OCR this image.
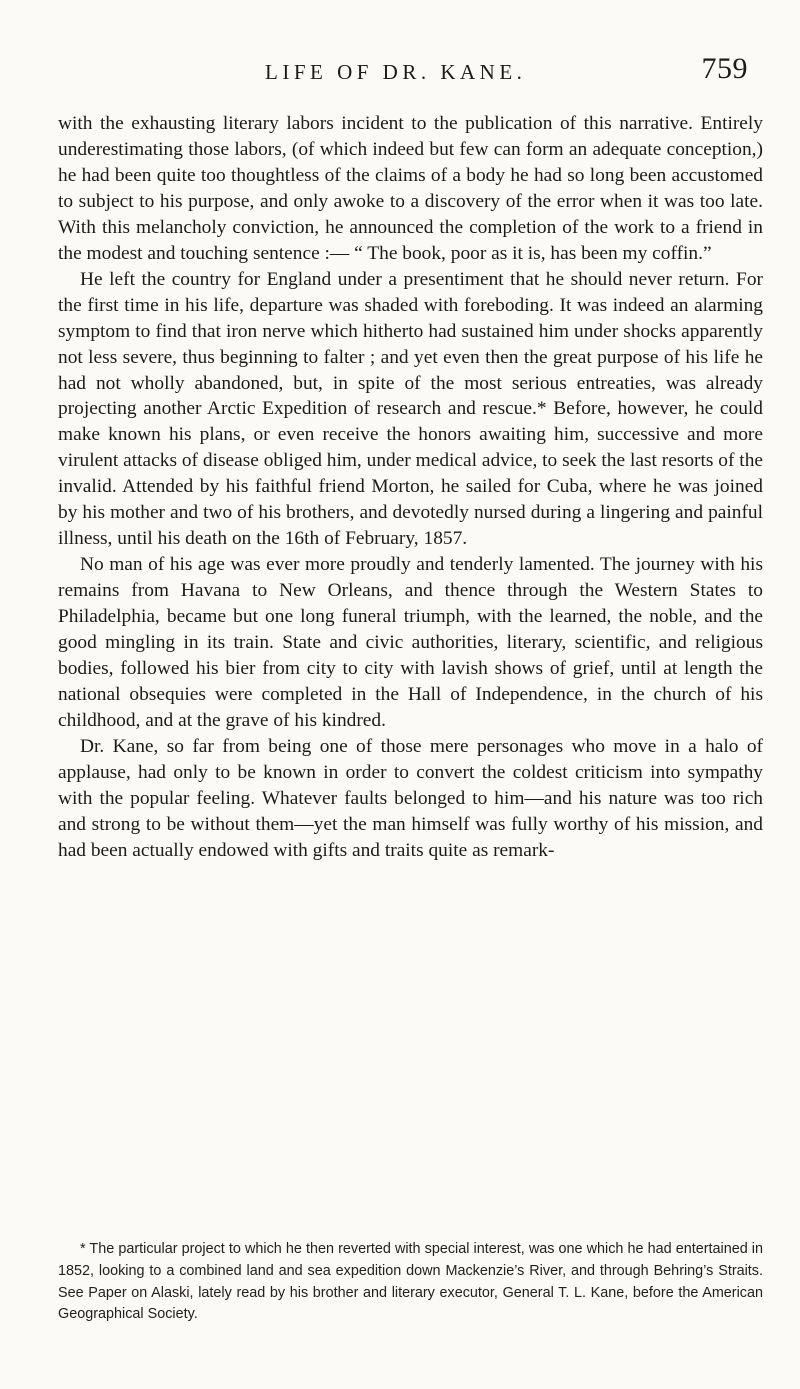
LIFE OF DR. KANE.	759

with the exhausting literary labors incident to the publication of this narrative. Entirely underestimating those labors, (of which indeed but few can form an adequate conception,) he had been quite too thoughtless of the claims of a body he had so long been accustomed to subject to his purpose, and only awoke to a discovery of the error when it was too late. With this melancholy conviction, he announced the completion of the work to a friend in the modest and touching sentence :— “ The book, poor as it is, has been my coffin.”

He left the country for England under a presentiment that he should never return. For the first time in his life, departure was shaded with foreboding. It was indeed an alarming symptom to find that iron nerve which hitherto had sustained him under shocks apparently not less severe, thus beginning to falter ; and yet even then the great purpose of his life he had not wholly abandoned, but, in spite of the most serious entreaties, was already projecting another Arctic Expedition of research and rescue.* Before, however, he could make known his plans, or even receive the honors awaiting him, successive and more virulent attacks of disease obliged him, under medical advice, to seek the last resorts of the invalid. Attended by his faithful friend Morton, he sailed for Cuba, where he was joined by his mother and two of his brothers, and devotedly nursed during a lingering and painful illness, until his death on the 16th of February, 1857.

No man of his age was ever more proudly and tenderly lamented. The journey with his remains from Havana to New Orleans, and thence through the Western States to Philadelphia, became but one long funeral triumph, with the learned, the noble, and the good mingling in its train. State and civic authorities, literary, scientific, and religious bodies, followed his bier from city to city with lavish shows of grief, until at length the national obsequies were completed in the Hall of Independence, in the church of his childhood, and at the grave of his kindred.

Dr. Kane, so far from being one of those mere personages who move in a halo of applause, had only to be known in order to convert the coldest criticism into sympathy with the popular feeling. Whatever faults belonged to him—and his nature was too rich and strong to be without them—yet the man himself was fully worthy of his mission, and had been actually endowed with gifts and traits quite as remark-

* The particular project to which he then reverted with special interest, was one which he had entertained in 1852, looking to a combined land and sea expedition down Mackenzie’s River, and through Behring’s Straits. See Paper on Alaski, lately read by his brother and literary executor, General T. L. Kane, before the American Geographical Society.
